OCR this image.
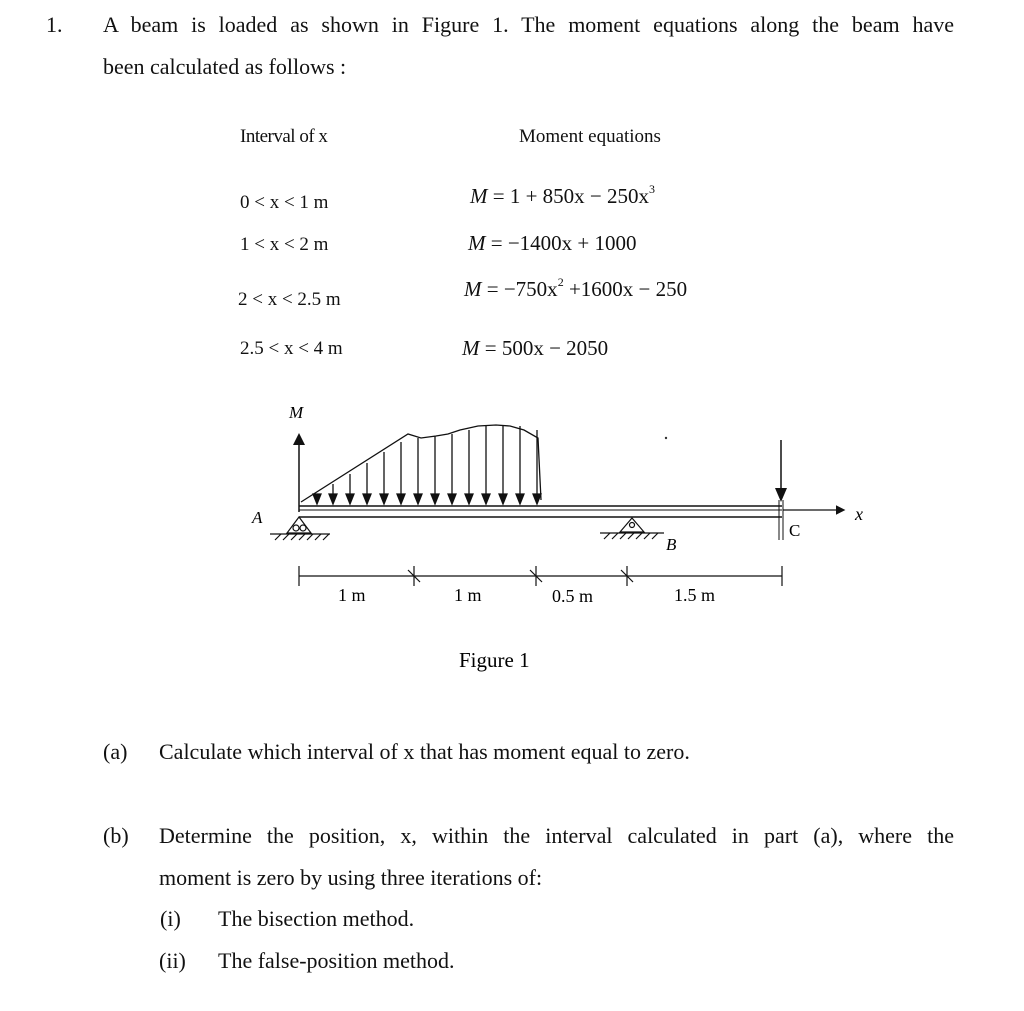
1. A beam is loaded as shown in Figure 1. The moment equations along the beam have
been calculated as follows :
Interval of x	Moment equations
0 < x < 1 m	$M = 1 + 850x - 250x^3$
1 < x < 2 m	M = −1400x + 1000
2 < x < 2.5 m	$M = -750x^2 +1600x - 250$
2.5 < x < 4 m	M = 500x − 2050
M
x
A
B
C
1 m	1 m	0.5 m	1.5 m
Figure 1
(a) Calculate which interval of x that has moment equal to zero.
(b) Determine the position, x, within the interval calculated in part (a), where the
moment is zero by using three iterations of:
(i) The bisection method.
(ii) The false-position method.
